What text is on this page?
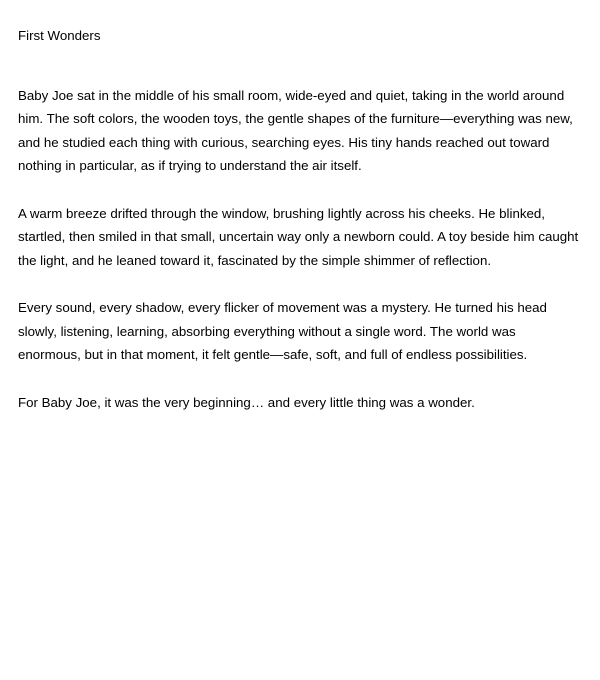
First Wonders

Baby Joe sat in the middle of his small room, wide-eyed and quiet, taking in the world around him. The soft colors, the wooden toys, the gentle shapes of the furniture—everything was new, and he studied each thing with curious, searching eyes. His tiny hands reached out toward nothing in particular, as if trying to understand the air itself.

A warm breeze drifted through the window, brushing lightly across his cheeks. He blinked, startled, then smiled in that small, uncertain way only a newborn could. A toy beside him caught the light, and he leaned toward it, fascinated by the simple shimmer of reflection.

Every sound, every shadow, every flicker of movement was a mystery. He turned his head slowly, listening, learning, absorbing everything without a single word. The world was enormous, but in that moment, it felt gentle—safe, soft, and full of endless possibilities.

For Baby Joe, it was the very beginning… and every little thing was a wonder.
